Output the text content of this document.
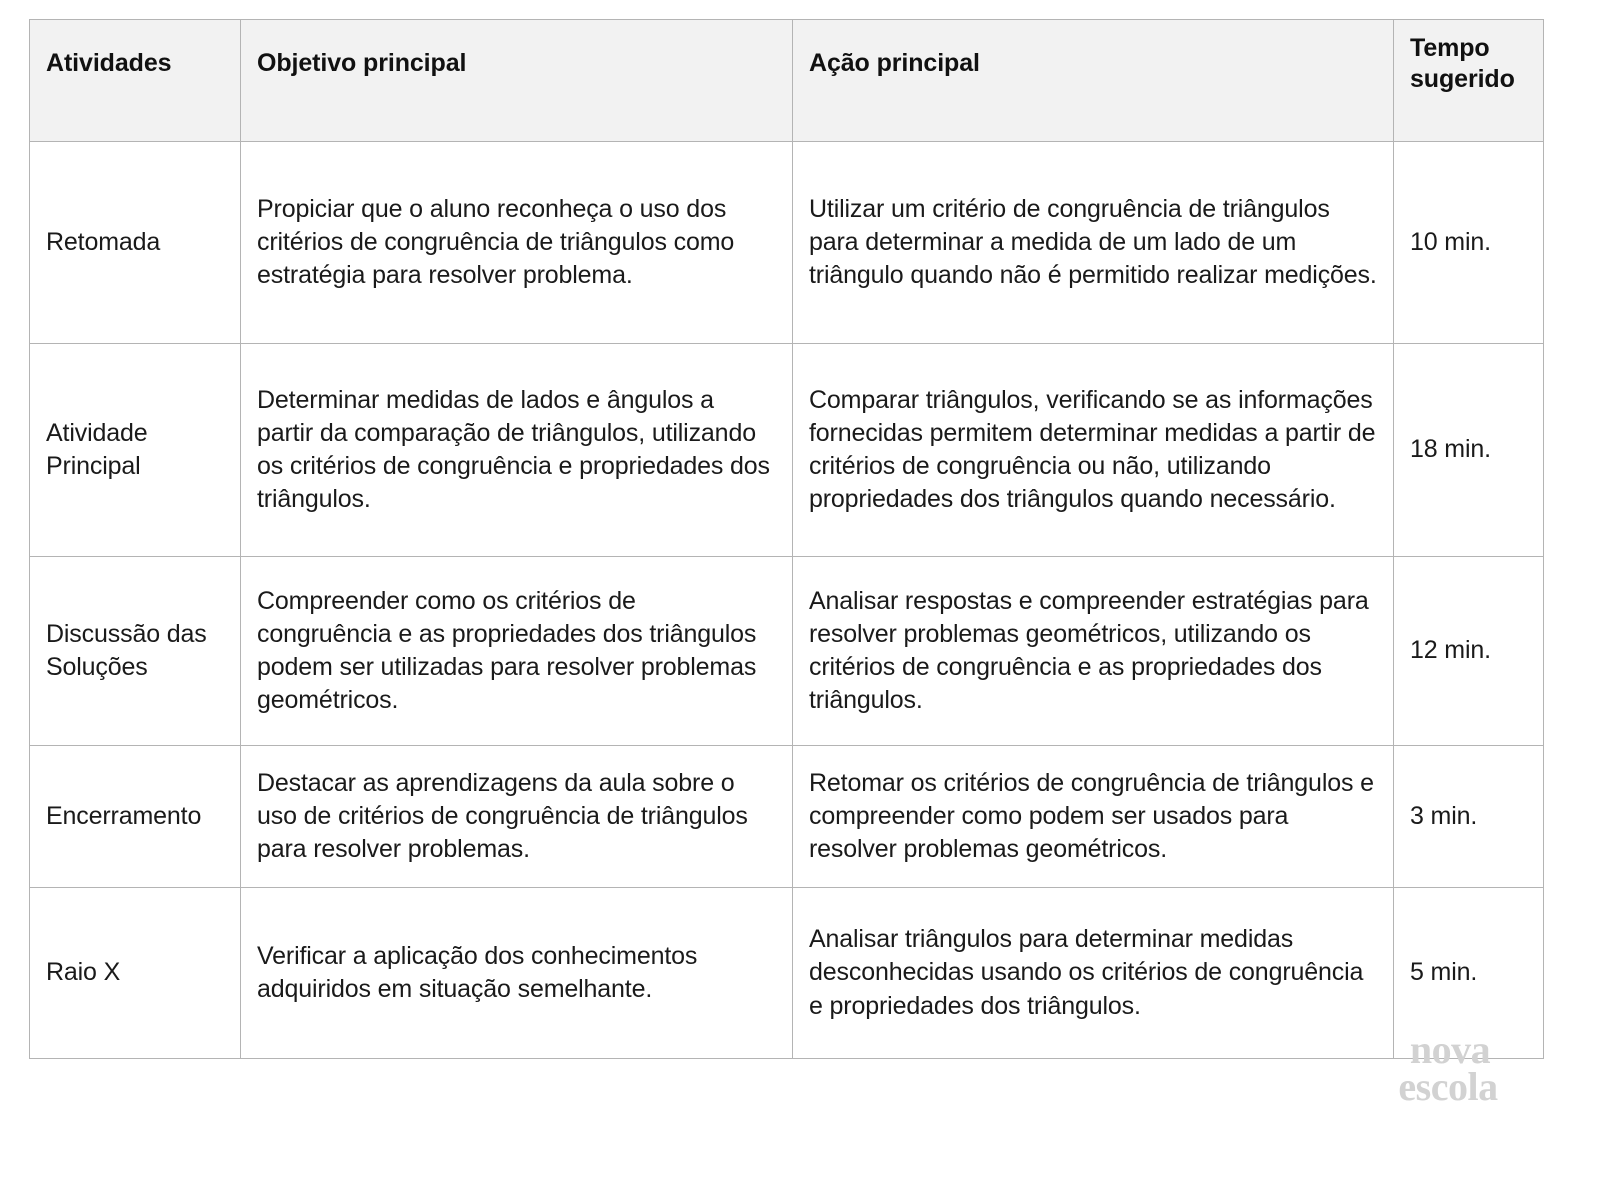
Atividades	Objetivo principal	Ação principal	Tempo sugerido

Retomada	Propiciar que o aluno reconheça o uso dos critérios de congruência de triângulos como estratégia para resolver problema.	Utilizar um critério de congruência de triângulos para determinar a medida de um lado de um triângulo quando não é permitido realizar medições.	10 min.
Atividade Principal	Determinar medidas de lados e ângulos a partir da comparação de triângulos, utilizando os critérios de congruência e propriedades dos triângulos.	Comparar triângulos, verificando se as informações fornecidas permitem determinar medidas a partir de critérios de congruência ou não, utilizando propriedades dos triângulos quando necessário.	18 min.
Discussão das Soluções	Compreender como os critérios de congruência e as propriedades dos triângulos podem ser utilizadas para resolver problemas geométricos.	Analisar respostas e compreender estratégias para resolver problemas geométricos, utilizando os critérios de congruência e as propriedades dos triângulos.	12 min.
Encerramento	Destacar as aprendizagens da aula sobre o uso de critérios de congruência de triângulos para resolver problemas.	Retomar os critérios de congruência de triângulos e compreender como podem ser usados para resolver problemas geométricos.	3 min.
Raio X	Verificar a aplicação dos conhecimentos adquiridos em situação semelhante.	Analisar triângulos para determinar medidas desconhecidas usando os critérios de congruência e propriedades dos triângulos.	5 min.
nova
escola
